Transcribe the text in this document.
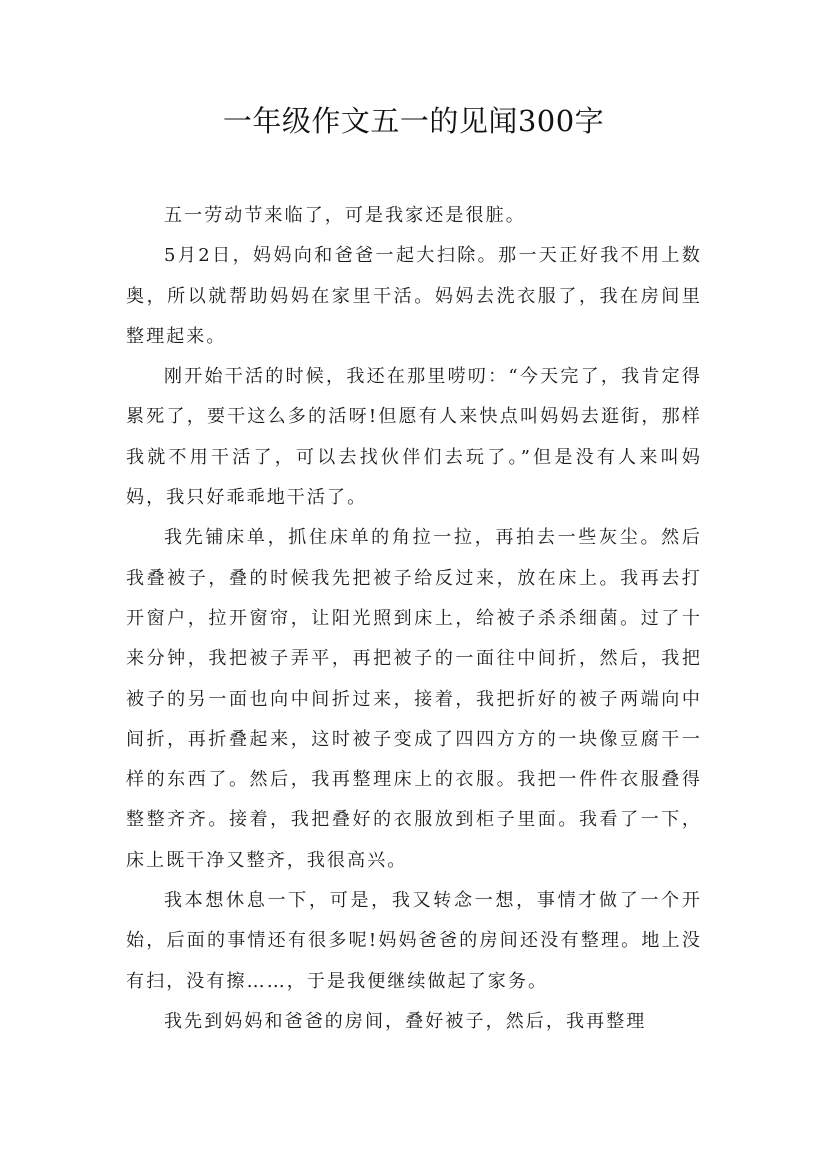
一年级作文五一的见闻300字

五一劳动节来临了，可是我家还是很脏。

5月2日，妈妈向和爸爸一起大扫除。那一天正好我不用上数奥，所以就帮助妈妈在家里干活。妈妈去洗衣服了，我在房间里整理起来。

刚开始干活的时候，我还在那里唠叨：“今天完了，我肯定得累死了，要干这么多的活呀!但愿有人来快点叫妈妈去逛街，那样我就不用干活了，可以去找伙伴们去玩了。”但是没有人来叫妈妈，我只好乖乖地干活了。

我先铺床单，抓住床单的角拉一拉，再拍去一些灰尘。然后我叠被子，叠的时候我先把被子给反过来，放在床上。我再去打开窗户，拉开窗帘，让阳光照到床上，给被子杀杀细菌。过了十来分钟，我把被子弄平，再把被子的一面往中间折，然后，我把被子的另一面也向中间折过来，接着，我把折好的被子两端向中间折，再折叠起来，这时被子变成了四四方方的一块像豆腐干一样的东西了。然后，我再整理床上的衣服。我把一件件衣服叠得整整齐齐。接着，我把叠好的衣服放到柜子里面。我看了一下，床上既干净又整齐，我很高兴。

我本想休息一下，可是，我又转念一想，事情才做了一个开始，后面的事情还有很多呢!妈妈爸爸的房间还没有整理。地上没有扫，没有擦……，于是我便继续做起了家务。

我先到妈妈和爸爸的房间，叠好被子，然后，我再整理
